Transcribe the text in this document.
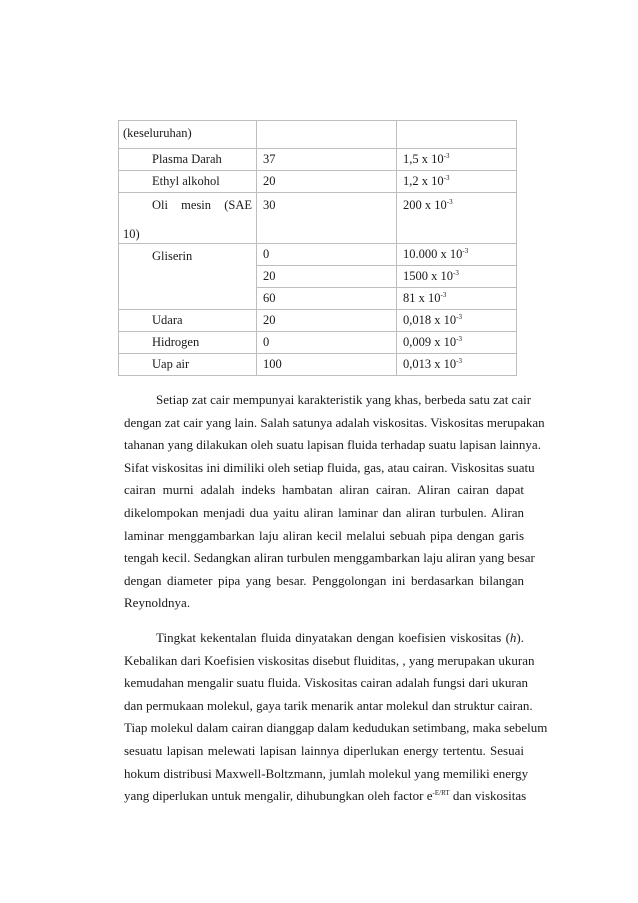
(keseluruhan)		
Plasma Darah	37	1,5 x $10^{-3}$
Ethyl alkohol	20	1,2 x $10^{-3}$

Oli mesin (SAE
10)	30	200 x $10^{-3}$
Gliserin	0	10.000 x $10^{-3}$
	20	1500 x $10^{-3}$
	60	81 x $10^{-3}$
Udara	20	0,018 x $10^{-3}$
Hidrogen	0	0,009 x $10^{-3}$
Uap air	100	0,013 x $10^{-3}$
Setiap zat cair mempunyai karakteristik yang khas, berbeda satu zat cair
dengan zat cair yang lain. Salah satunya adalah viskositas. Viskositas merupakan
tahanan yang dilakukan oleh suatu lapisan fluida terhadap suatu lapisan lainnya.
Sifat viskositas ini dimiliki oleh setiap fluida, gas, atau cairan. Viskositas suatu
cairan murni adalah indeks hambatan aliran cairan. Aliran cairan dapat
dikelompokan menjadi dua yaitu aliran laminar dan aliran turbulen. Aliran
laminar menggambarkan laju aliran kecil melalui sebuah pipa dengan garis
tengah kecil. Sedangkan aliran turbulen menggambarkan laju aliran yang besar
dengan diameter pipa yang besar. Penggolongan ini berdasarkan bilangan
Reynoldnya.
Tingkat kekentalan fluida dinyatakan dengan koefisien viskositas (h).
Kebalikan dari Koefisien viskositas disebut fluiditas, , yang merupakan ukuran
kemudahan mengalir suatu fluida. Viskositas cairan adalah fungsi dari ukuran
dan permukaan molekul, gaya tarik menarik antar molekul dan struktur cairan.
Tiap molekul dalam cairan dianggap dalam kedudukan setimbang, maka sebelum
sesuatu lapisan melewati lapisan lainnya diperlukan energy tertentu. Sesuai
hokum distribusi Maxwell-Boltzmann, jumlah molekul yang memiliki energy
yang diperlukan untuk mengalir, dihubungkan oleh factor $e^{-E/RT}$ dan viskositas
